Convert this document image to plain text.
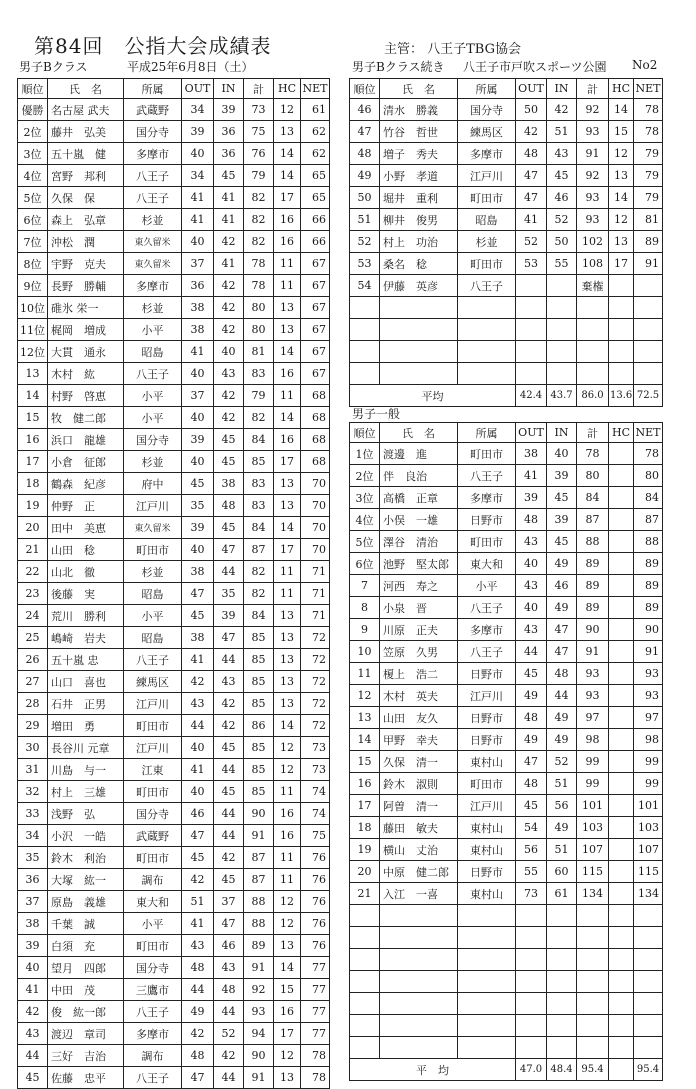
第84回　公指大会成績表	主管： 八王子TBG協会
男子Bクラス	平成25年6月8日（土）	男子Bクラス続き 八王子市戸吹スポーツ公園 No2
男子一般
順位	氏　名	所属	OUT	IN	計	HC	NET
優勝	名古屋 武夫	武蔵野	34	39	73	12	61
2位	藤井　弘美	国分寺	39	36	75	13	62
3位	五十嵐　健	多摩市	40	36	76	14	62
4位	宮野　邦利	八王子	34	45	79	14	65
5位	久保　保	八王子	41	41	82	17	65
6位	森上　弘章	杉並	41	41	82	16	66
7位	沖松　潤	東久留米	40	42	82	16	66
8位	宇野　克夫	東久留米	37	41	78	11	67
9位	長野　勝輔	多摩市	36	42	78	11	67
10位	碓氷 栄一	杉並	38	42	80	13	67
11位	梶岡　増成	小平	38	42	80	13	67
12位	大貫　通永	昭島	41	40	81	14	67
13	木村　紘	八王子	40	43	83	16	67
14	村野　啓恵	小平	37	42	79	11	68
15	牧　健二郎	小平	40	42	82	14	68
16	浜口　龍雄	国分寺	39	45	84	16	68
17	小倉　征郎	杉並	40	45	85	17	68
18	鶴森　紀彦	府中	45	38	83	13	70
19	仲野　正	江戸川	35	48	83	13	70
20	田中　美恵	東久留米	39	45	84	14	70
21	山田　稔	町田市	40	47	87	17	70
22	山北　徹	杉並	38	44	82	11	71
23	後藤　実	昭島	47	35	82	11	71
24	荒川　勝利	小平	45	39	84	13	71
25	嶋崎　岩夫	昭島	38	47	85	13	72
26	五十嵐 忠	八王子	41	44	85	13	72
27	山口　喜也	練馬区	42	43	85	13	72
28	石井　正男	江戸川	43	42	85	13	72
29	増田　勇	町田市	44	42	86	14	72
30	長谷川 元章	江戸川	40	45	85	12	73
31	川島　与一	江東	41	44	85	12	73
32	村上　三雄	町田市	40	45	85	11	74
33	浅野　弘	国分寺	46	44	90	16	74
34	小沢　一皓	武蔵野	47	44	91	16	75
35	鈴木　利治	町田市	45	42	87	11	76
36	大塚　紘一	調布	42	45	87	11	76
37	原島　義雄	東大和	51	37	88	12	76
38	千葉　誠	小平	41	47	88	12	76
39	白須　充	町田市	43	46	89	13	76
40	望月　四郎	国分寺	48	43	91	14	77
41	中田　茂	三鷹市	44	48	92	15	77
42	俊　紘一郎	八王子	49	44	93	16	77
43	渡辺　章司	多摩市	42	52	94	17	77
44	三好　吉治	調布	48	42	90	12	78
45	佐藤　忠平	八王子	47	44	91	13	78
順位	氏　名	所属	OUT	IN	計	HC	NET
46	清水　勝義	国分寺	50	42	92	14	78
47	竹谷　哲世	練馬区	42	51	93	15	78
48	増子　秀夫	多摩市	48	43	91	12	79
49	小野　孝道	江戸川	47	45	92	13	79
50	堀井　重利	町田市	47	46	93	14	79
51	柳井　俊男	昭島	41	52	93	12	81
52	村上　功治	杉並	52	50	102	13	89
53	桑名　稔	町田市	53	55	108	17	91
54	伊藤　英彦	八王子			棄権		

平均			42.4	43.7	86.0	13.6	72.5
順位	氏　名	所属	OUT	IN	計	HC	NET
1位	渡邊　進	町田市	38	40	78		78
2位	伴　良治	八王子	41	39	80		80
3位	高橋　正章	多摩市	39	45	84		84
4位	小俣　一雄	日野市	48	39	87		87
5位	澤谷　清治	町田市	43	45	88		88
6位	池野　堅太郎	東大和	40	49	89		89
7	河西　寿之	小平	43	46	89		89
8	小泉　晋	八王子	40	49	89		89
9	川原　正夫	多摩市	43	47	90		90
10	笠原　久男	八王子	44	47	91		91
11	榎上　浩二	日野市	45	48	93		93
12	木村　英夫	江戸川	49	44	93		93
13	山田　友久	日野市	48	49	97		97
14	甲野　幸夫	日野市	49	49	98		98
15	久保　清一	東村山	47	52	99		99
16	鈴木　淑則	町田市	48	51	99		99
17	阿曽　清一	江戸川	45	56	101		101
18	藤田　敏夫	東村山	54	49	103		103
19	横山　丈治	東村山	56	51	107		107
20	中原　健二郎	日野市	55	60	115		115
21	入江　一喜	東村山	73	61	134		134

平　均			47.0	48.4	95.4		95.4
